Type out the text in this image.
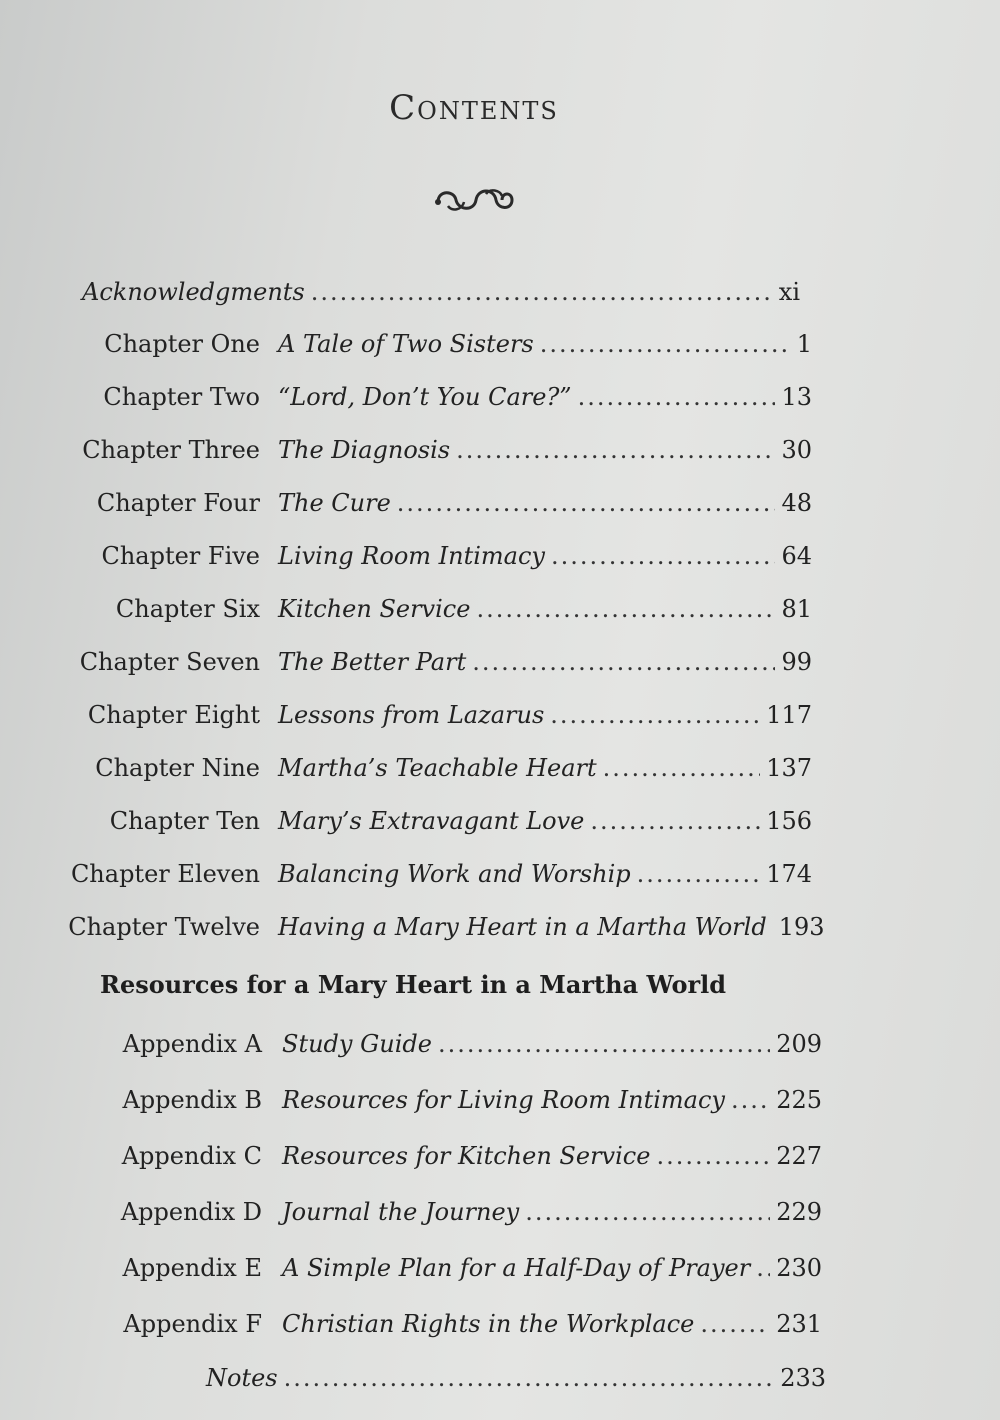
Contents
Acknowledgments .....	xi
Chapter One A Tale of Two Sisters .....	1
Chapter Two “Lord, Don’t You Care?” .....	13
Chapter Three The Diagnosis .....	30
Chapter Four The Cure .....	48
Chapter Five Living Room Intimacy .....	64
Chapter Six Kitchen Service .....	81
Chapter Seven The Better Part .....	99
Chapter Eight Lessons from Lazarus .....	117
Chapter Nine Martha’s Teachable Heart .....	137
Chapter Ten Mary’s Extravagant Love .....	156
Chapter Eleven Balancing Work and Worship .....	174
Chapter Twelve Having a Mary Heart in a Martha World 193
Resources for a Mary Heart in a Martha World
Appendix A Study Guide .....	209
Appendix B Resources for Living Room Intimacy ..... 225
Appendix C Resources for Kitchen Service .....	227
Appendix D Journal the Journey .....	229
Appendix E A Simple Plan for a Half-Day of Prayer ..... 230
Appendix F Christian Rights in the Workplace .....	231
Notes .....	233
